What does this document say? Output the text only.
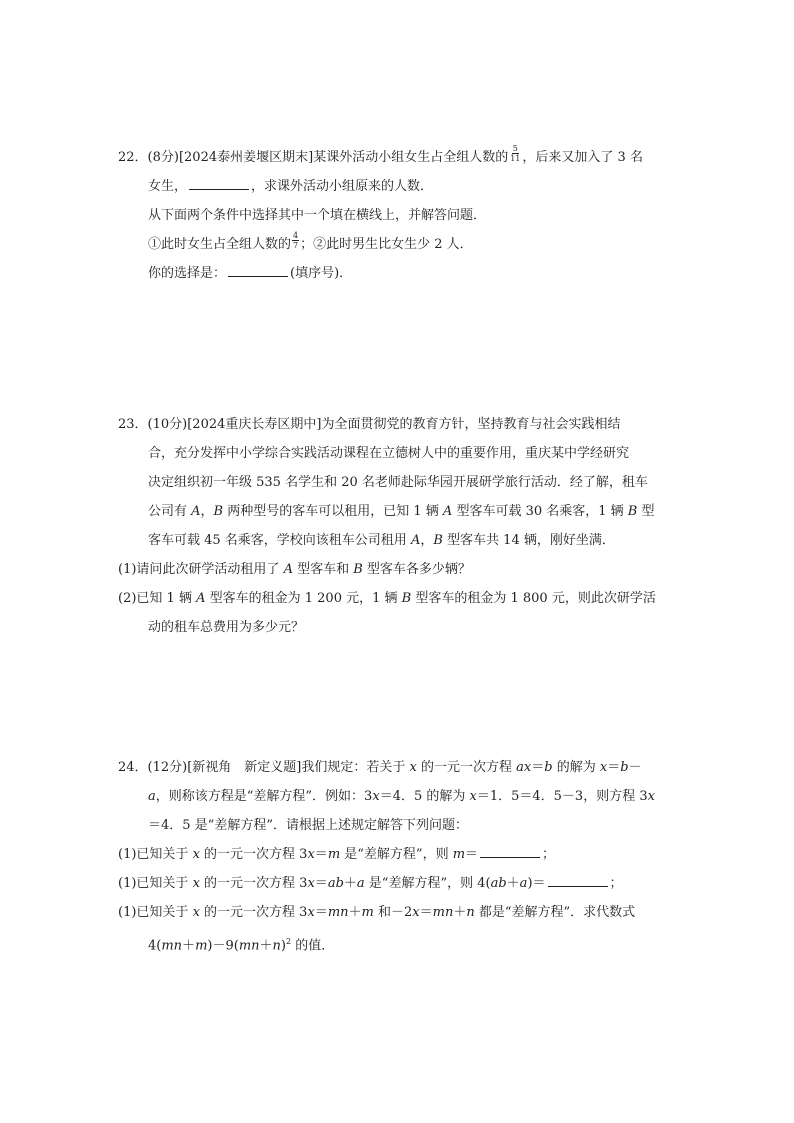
22．(8分)[2024泰州姜堰区期末]某课外活动小组女生占全组人数的 $\frac{5}{11}$ ，后来又加入了 3 名
女生，	，求课外活动小组原来的人数．
从下面两个条件中选择其中一个填在横线上，并解答问题．
①此时女生占全组人数的 $\frac{4}{7}$ ；②此时男生比女生少 2 人．
你的选择是：	(填序号)．
23．(10分)[2024重庆长寿区期中]为全面贯彻党的教育方针，坚持教育与社会实践相结
合，充分发挥中小学综合实践活动课程在立德树人中的重要作用，重庆某中学经研究
决定组织初一年级 535 名学生和 20 名老师赴际华园开展研学旅行活动．经了解，租车
公司有 A，B 两种型号的客车可以租用，已知 1 辆 A 型客车可载 30 名乘客，1 辆 B 型
客车可载 45 名乘客，学校向该租车公司租用 A，B 型客车共 14 辆，刚好坐满．
(1)请问此次研学活动租用了 A 型客车和 B 型客车各多少辆？
(2)已知 1 辆 A 型客车的租金为 1 200 元，1 辆 B 型客车的租金为 1 800 元，则此次研学活
动的租车总费用为多少元？
24．(12分)[新视角　新定义题]我们规定：若关于 x 的一元一次方程 ax＝b 的解为 x＝b－
a，则称该方程是“差解方程”．例如：3x＝4．5 的解为 x＝1．5＝4．5－3，则方程 3x
＝4．5 是“差解方程”．请根据上述规定解答下列问题：
(1)已知关于 x 的一元一次方程 3x＝m 是“差解方程”，则 m＝	；
(1)已知关于 x 的一元一次方程 3x＝ab＋a 是“差解方程”，则 4(ab＋a)＝	；
(1)已知关于 x 的一元一次方程 3x＝mn＋m 和－2x＝mn＋n 都是“差解方程”．求代数式
$4(mn+m)-9(mn+n)^2$ 的值．
